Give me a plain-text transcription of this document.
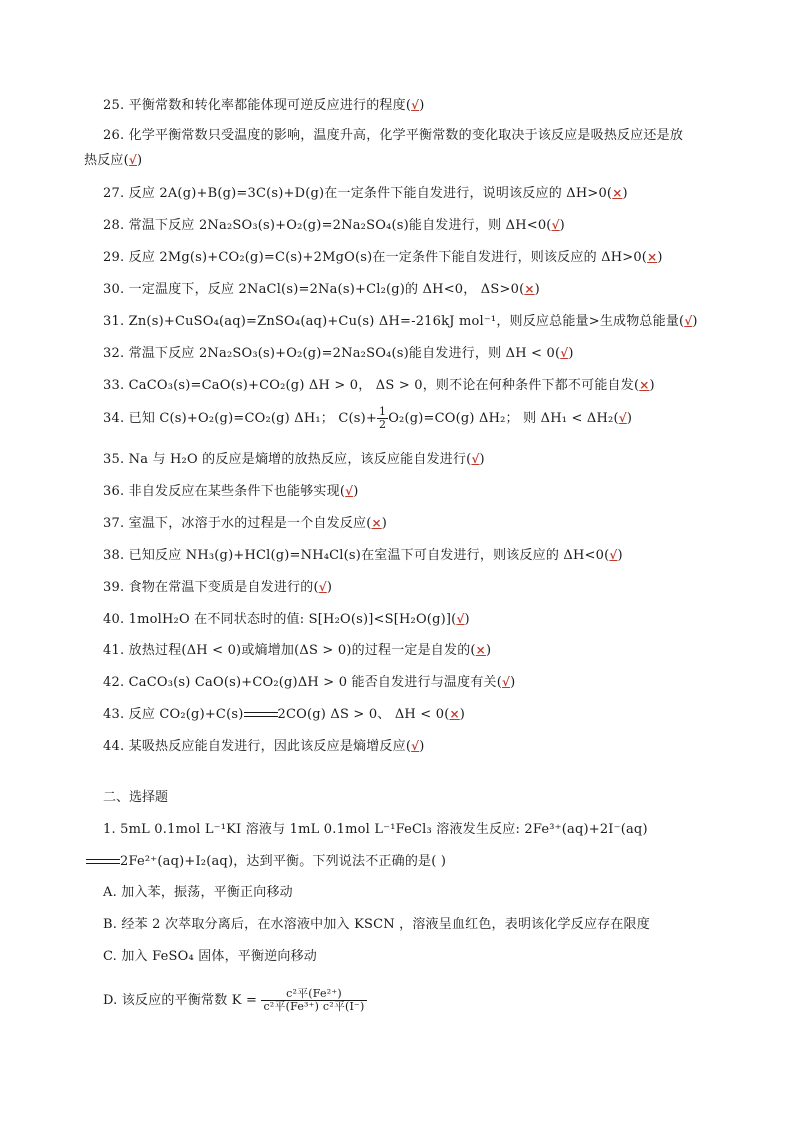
25. 平衡常数和转化率都能体现可逆反应进行的程度(√)
26. 化学平衡常数只受温度的影响，温度升高，化学平衡常数的变化取决于该反应是吸热反应还是放
热反应(√)
27. 反应 2A(g)+B(g)=3C(s)+D(g)在一定条件下能自发进行，说明该反应的 ΔH>0(×)
28. 常温下反应 2Na₂SO₃(s)+O₂(g)=2Na₂SO₄(s)能自发进行，则 ΔH<0(√)
29. 反应 2Mg(s)+CO₂(g)=C(s)+2MgO(s)在一定条件下能自发进行，则该反应的 ΔH>0(×)
30. 一定温度下，反应 2NaCl(s)=2Na(s)+Cl₂(g)的 ΔH<0， ΔS>0(×)
31. Zn(s)+CuSO₄(aq)=ZnSO₄(aq)+Cu(s) ΔH=-216kJ mol⁻¹，则反应总能量>生成物总能量(√)
32. 常温下反应 2Na₂SO₃(s)+O₂(g)=2Na₂SO₄(s)能自发进行，则 ΔH < 0(√)
33. CaCO₃(s)=CaO(s)+CO₂(g) ΔH > 0， ΔS > 0，则不论在何种条件下都不可能自发(×)
34. 已知 C(s)+O₂(g)=CO₂(g) ΔH₁； $C(s)+ \frac{1}{2} O_2(g)=CO(g)$ ΔH₂； 则 ΔH₁ < ΔH₂(√)
35. Na 与 H₂O 的反应是熵增的放热反应，该反应能自发进行(√)
36. 非自发反应在某些条件下也能够实现(√)
37. 室温下，冰溶于水的过程是一个自发反应(×)
38. 已知反应 NH₃(g)+HCl(g)=NH₄Cl(s)在室温下可自发进行，则该反应的 ΔH<0(√)
39. 食物在常温下变质是自发进行的(√)
40. 1molH₂O 在不同状态时的值: S[H₂O(s)]<S[H₂O(g)](√)
41. 放热过程(ΔH < 0)或熵增加(ΔS > 0)的过程一定是自发的(×)
42. CaCO₃(s) CaO(s)+CO₂(g)ΔH > 0 能否自发进行与温度有关(√)
43. 反应 CO₂(g)+C(s)	2CO(g) ΔS > 0、 ΔH < 0(×)
44. 某吸热反应能自发进行，因此该反应是熵增反应(√)
二、选择题
1. 5mL 0.1mol L⁻¹KI 溶液与 1mL 0.1mol L⁻¹FeCl₃ 溶液发生反应: 2Fe³⁺(aq)+2I⁻(aq)
2Fe²⁺(aq)+I₂(aq)，达到平衡。下列说法不正确的是( )
A. 加入苯，振荡，平衡正向移动
B. 经苯 2 次萃取分离后，在水溶液中加入 KSCN ，溶液呈血红色，表明该化学反应存在限度
C. 加入 FeSO₄ 固体，平衡逆向移动
D. 该反应的平衡常数 $K = \frac{\text{c²平(Fe²⁺)}}{\text{c²平(Fe³⁺) c²平(I⁻)}}$
